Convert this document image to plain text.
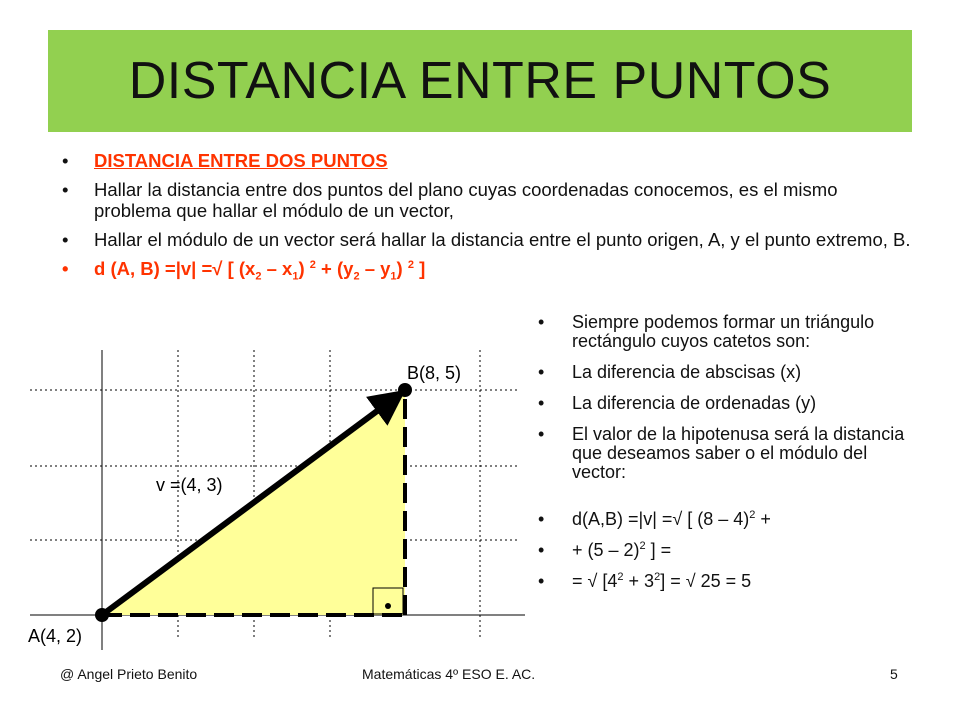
DISTANCIA ENTRE PUNTOS
• DISTANCIA ENTRE DOS PUNTOS
• Hallar la distancia entre dos puntos del plano cuyas coordenadas conocemos, es el mismo problema que hallar el módulo de un vector,
• Hallar el módulo de un vector será hallar la distancia entre el punto origen, A, y el punto extremo, B.
• d (A, B) =|v| =√ [ $(x_2 - x_1) ^2 + (y_2 - y_1)$ $^2$ ]
B(8, 5)
A(4, 2)
v =(4, 3)
• Siempre podemos formar un triángulo rectángulo cuyos catetos son:
• La diferencia de abscisas (x)
• La diferencia de ordenadas (y)
• El valor de la hipotenusa será la distancia que deseamos saber o el módulo del vector:
• d(A,B) =|v| =√ [ (8 – 4)$^2$ +
• + (5 – 2)$^2$ ] =
• = √ $[4^2 + 3^2]$ = √ 25 = 5
@ Angel Prieto Benito	Matemáticas 4º ESO E. AC.	5
